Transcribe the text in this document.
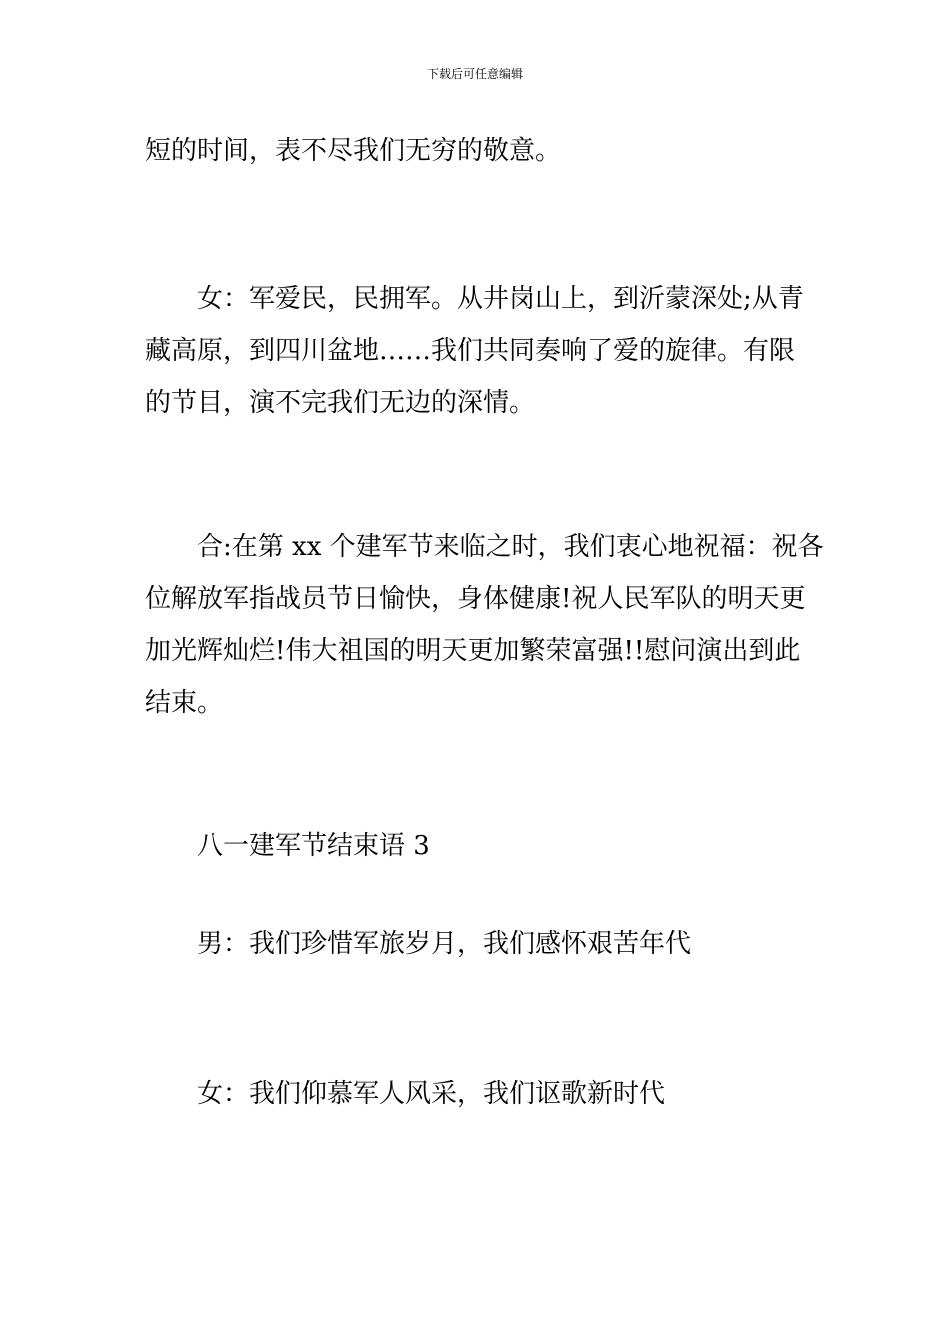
下载后可任意编辑
短的时间，表不尽我们无穷的敬意。
女：军爱民，民拥军。从井岗山上，到沂蒙深处;从青
藏高原，到四川盆地……我们共同奏响了爱的旋律。有限
的节目，演不完我们无边的深情。
合:在第 xx 个建军节来临之时，我们衷心地祝福：祝各
位解放军指战员节日愉快，身体健康!祝人民军队的明天更
加光辉灿烂!伟大祖国的明天更加繁荣富强!!慰问演出到此
结束。
八一建军节结束语 3
男：我们珍惜军旅岁月，我们感怀艰苦年代
女：我们仰慕军人风采，我们讴歌新时代
